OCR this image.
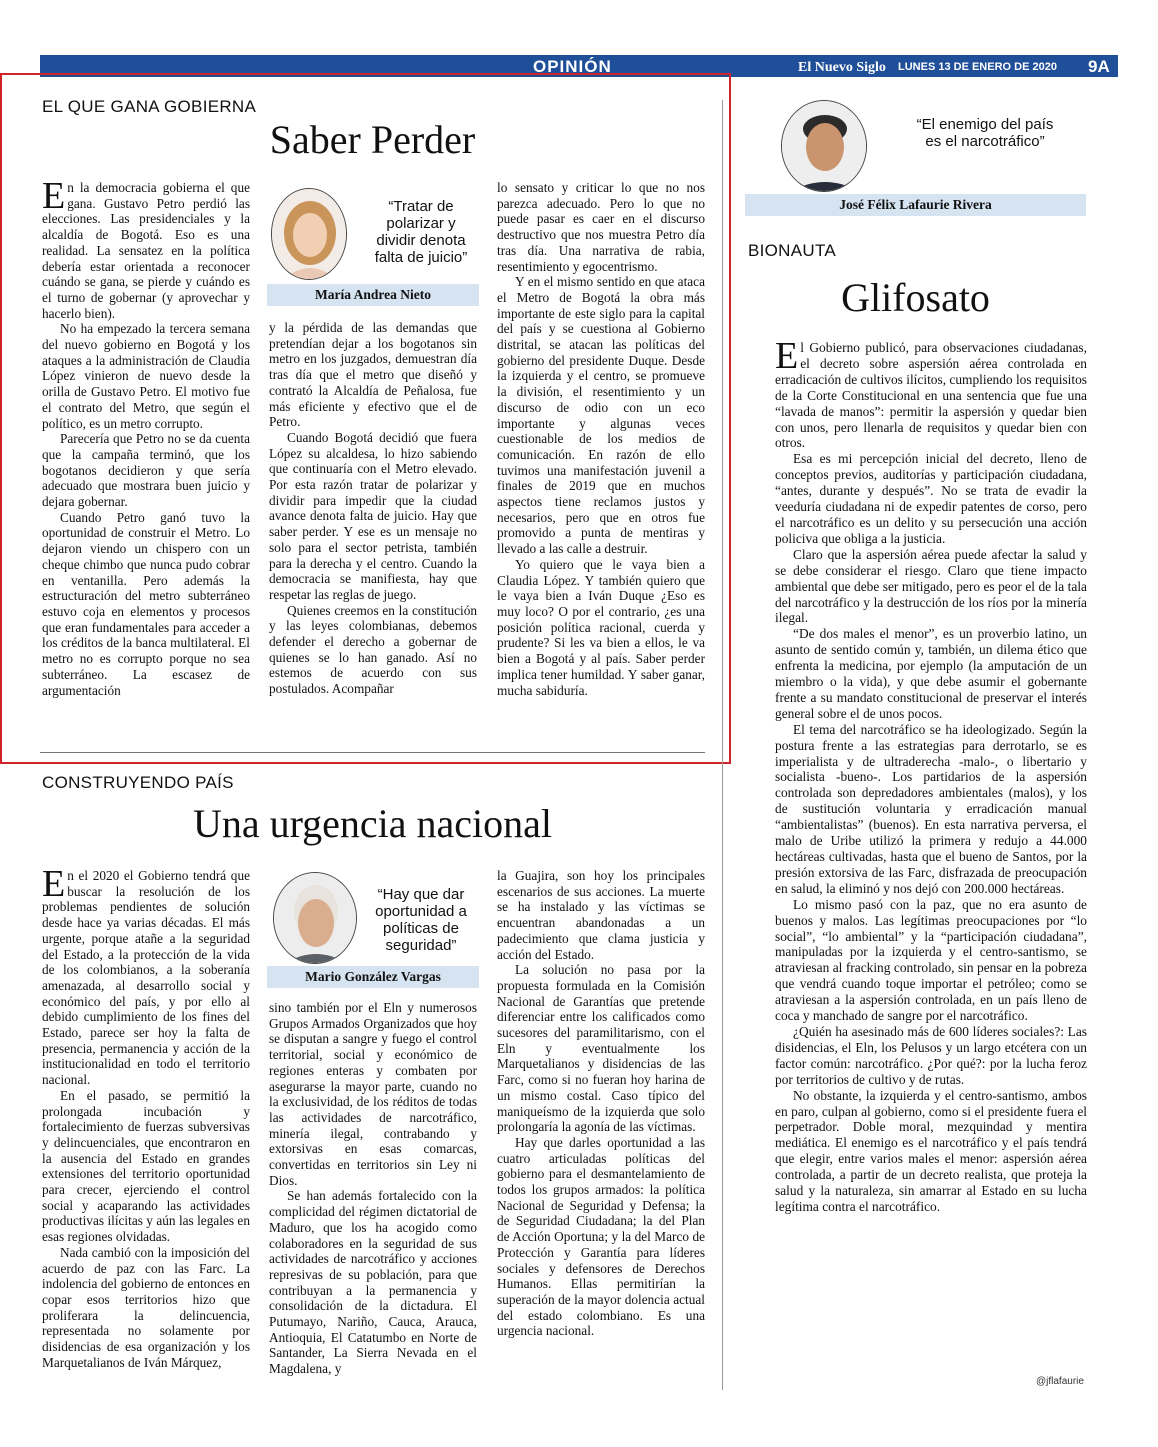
OPINIÓN	El Nuevo Siglo LUNES 13 DE ENERO DE 2020 9A
EL QUE GANA GOBIERNA
Saber Perder

En la democracia gobierna el que gana. Gustavo Petro perdió las elecciones. Las presidenciales y la alcaldía de Bogotá. Eso es una realidad. La sensatez en la política debería estar orientada a reconocer cuándo se gana, se pierde y cuándo es el turno de gobernar (y aprovechar y hacerlo bien).

No ha empezado la tercera semana del nuevo gobierno en Bogotá y los ataques a la administración de Claudia López vinieron de nuevo desde la orilla de Gustavo Petro. El motivo fue el contrato del Metro, que según el político, es un metro corrupto.

Parecería que Petro no se da cuenta que la campaña terminó, que los bogotanos decidieron y que sería adecuado que mostrara buen juicio y dejara gobernar.

Cuando Petro ganó tuvo la oportunidad de construir el Metro. Lo dejaron viendo un chispero con un cheque chimbo que nunca pudo cobrar en ventanilla. Pero además la estructuración del metro subterráneo estuvo coja en elementos y procesos que eran fundamentales para acceder a los créditos de la banca multilateral. El metro no es corrupto porque no sea subterráneo. La escasez de argumentación

“Tratar de polarizar y dividir denota falta de juicio”
María Andrea Nieto

y la pérdida de las demandas que pretendían dejar a los bogotanos sin metro en los juzgados, demuestran día tras día que el metro que diseñó y contrató la Alcaldía de Peñalosa, fue más eficiente y efectivo que el de Petro.

Cuando Bogotá decidió que fuera López su alcaldesa, lo hizo sabiendo que continuaría con el Metro elevado. Por esta razón tratar de polarizar y dividir para impedir que la ciudad avance denota falta de juicio. Hay que saber perder. Y ese es un mensaje no solo para el sector petrista, también para la derecha y el centro. Cuando la democracia se manifiesta, hay que respetar las reglas de juego.

Quienes creemos en la constitución y las leyes colombianas, debemos defender el derecho a gobernar de quienes se lo han ganado. Así no estemos de acuerdo con sus postulados. Acompañar

lo sensato y criticar lo que no nos parezca adecuado. Pero lo que no puede pasar es caer en el discurso destructivo que nos muestra Petro día tras día. Una narrativa de rabia, resentimiento y egocentrismo.

Y en el mismo sentido en que ataca el Metro de Bogotá la obra más importante de este siglo para la capital del país y se cuestiona al Gobierno distrital, se atacan las políticas del gobierno del presidente Duque. Desde la izquierda y el centro, se promueve la división, el resentimiento y un discurso de odio con un eco importante y algunas veces cuestionable de los medios de comunicación. En razón de ello tuvimos una manifestación juvenil a finales de 2019 que en muchos aspectos tiene reclamos justos y necesarios, pero que en otros fue promovido a punta de mentiras y llevado a las calle a destruir.

Yo quiero que le vaya bien a Claudia López. Y también quiero que le vaya bien a Iván Duque ¿Eso es muy loco? O por el contrario, ¿es una posición política racional, cuerda y prudente? Si les va bien a ellos, le va bien a Bogotá y al país. Saber perder implica tener humildad. Y saber ganar, mucha sabiduría.

CONSTRUYENDO PAÍS
Una urgencia nacional

En el 2020 el Gobierno tendrá que buscar la resolución de los problemas pendientes de solución desde hace ya varias décadas. El más urgente, porque atañe a la seguridad del Estado, a la protección de la vida de los colombianos, a la soberanía amenazada, al desarrollo social y económico del país, y por ello al debido cumplimiento de los fines del Estado, parece ser hoy la falta de presencia, permanencia y acción de la institucionalidad en todo el territorio nacional.

En el pasado, se permitió la prolongada incubación y fortalecimiento de fuerzas subversivas y delincuenciales, que encontraron en la ausencia del Estado en grandes extensiones del territorio oportunidad para crecer, ejerciendo el control social y acaparando las actividades productivas ilícitas y aún las legales en esas regiones olvidadas.

Nada cambió con la imposición del acuerdo de paz con las Farc. La indolencia del gobierno de entonces en copar esos territorios hizo que proliferara la delincuencia, representada no solamente por disidencias de esa organización y los Marquetalianos de Iván Márquez,

“Hay que dar oportunidad a políticas de seguridad”
Mario González Vargas

sino también por el Eln y numerosos Grupos Armados Organizados que hoy se disputan a sangre y fuego el control territorial, social y económico de regiones enteras y combaten por asegurarse la mayor parte, cuando no la exclusividad, de los réditos de todas las actividades de narcotráfico, minería ilegal, contrabando y extorsivas en esas comarcas, convertidas en territorios sin Ley ni Dios.

Se han además fortalecido con la complicidad del régimen dictatorial de Maduro, que los ha acogido como colaboradores en la seguridad de sus actividades de narcotráfico y acciones represivas de su población, para que contribuyan a la permanencia y consolidación de la dictadura. El Putumayo, Nariño, Cauca, Arauca, Antioquia, El Catatumbo en Norte de Santander, La Sierra Nevada en el Magdalena, y

la Guajira, son hoy los principales escenarios de sus acciones. La muerte se ha instalado y las víctimas se encuentran abandonadas a un padecimiento que clama justicia y acción del Estado.

La solución no pasa por la propuesta formulada en la Comisión Nacional de Garantías que pretende diferenciar entre los calificados como sucesores del paramilitarismo, con el Eln y eventualmente los Marquetalianos y disidencias de las Farc, como si no fueran hoy harina de un mismo costal. Caso típico del maniqueísmo de la izquierda que solo prolongaría la agonía de las víctimas.

Hay que darles oportunidad a las cuatro articuladas políticas del gobierno para el desmantelamiento de todos los grupos armados: la política Nacional de Seguridad y Defensa; la de Seguridad Ciudadana; la del Plan de Acción Oportuna; y la del Marco de Protección y Garantía para líderes sociales y defensores de Derechos Humanos. Ellas permitirían la superación de la mayor dolencia actual del estado colombiano. Es una urgencia nacional.

“El enemigo del país es el narcotráfico”
José Félix Lafaurie Rivera
BIONAUTA
Glifosato

El Gobierno publicó, para observaciones ciudadanas, el decreto sobre aspersión aérea controlada en erradicación de cultivos ilícitos, cumpliendo los requisitos de la Corte Constitucional en una sentencia que fue una “lavada de manos”: permitir la aspersión y quedar bien con unos, pero llenarla de requisitos y quedar bien con otros.

Esa es mi percepción inicial del decreto, lleno de conceptos previos, auditorías y participación ciudadana, “antes, durante y después”. No se trata de evadir la veeduría ciudadana ni de expedir patentes de corso, pero el narcotráfico es un delito y su persecución una acción policiva que obliga a la justicia.

Claro que la aspersión aérea puede afectar la salud y se debe considerar el riesgo. Claro que tiene impacto ambiental que debe ser mitigado, pero es peor el de la tala del narcotráfico y la destrucción de los ríos por la minería ilegal.

“De dos males el menor”, es un proverbio latino, un asunto de sentido común y, también, un dilema ético que enfrenta la medicina, por ejemplo (la amputación de un miembro o la vida), y que debe asumir el gobernante frente a su mandato constitucional de preservar el interés general sobre el de unos pocos.

El tema del narcotráfico se ha ideologizado. Según la postura frente a las estrategias para derrotarlo, se es imperialista y de ultraderecha -malo-, o libertario y socialista -bueno-. Los partidarios de la aspersión controlada son depredadores ambientales (malos), y los de sustitución voluntaria y erradicación manual “ambientalistas” (buenos). En esta narrativa perversa, el malo de Uribe utilizó la primera y redujo a 44.000 hectáreas cultivadas, hasta que el bueno de Santos, por la presión extorsiva de las Farc, disfrazada de preocupación en salud, la eliminó y nos dejó con 200.000 hectáreas.

Lo mismo pasó con la paz, que no era asunto de buenos y malos. Las legítimas preocupaciones por “lo social”, “lo ambiental” y la “participación ciudadana”, manipuladas por la izquierda y el centro-santismo, se atraviesan al fracking controlado, sin pensar en la pobreza que vendrá cuando toque importar el petróleo; como se atraviesan a la aspersión controlada, en un país lleno de coca y manchado de sangre por el narcotráfico.

¿Quién ha asesinado más de 600 líderes sociales?: Las disidencias, el Eln, los Pelusos y un largo etcétera con un factor común: narcotráfico. ¿Por qué?: por la lucha feroz por territorios de cultivo y de rutas.

No obstante, la izquierda y el centro-santismo, ambos en paro, culpan al gobierno, como si el presidente fuera el perpetrador. Doble moral, mezquindad y mentira mediática. El enemigo es el narcotráfico y el país tendrá que elegir, entre varios males el menor: aspersión aérea controlada, a partir de un decreto realista, que proteja la salud y la naturaleza, sin amarrar al Estado en su lucha legítima contra el narcotráfico.

@jflafaurie
